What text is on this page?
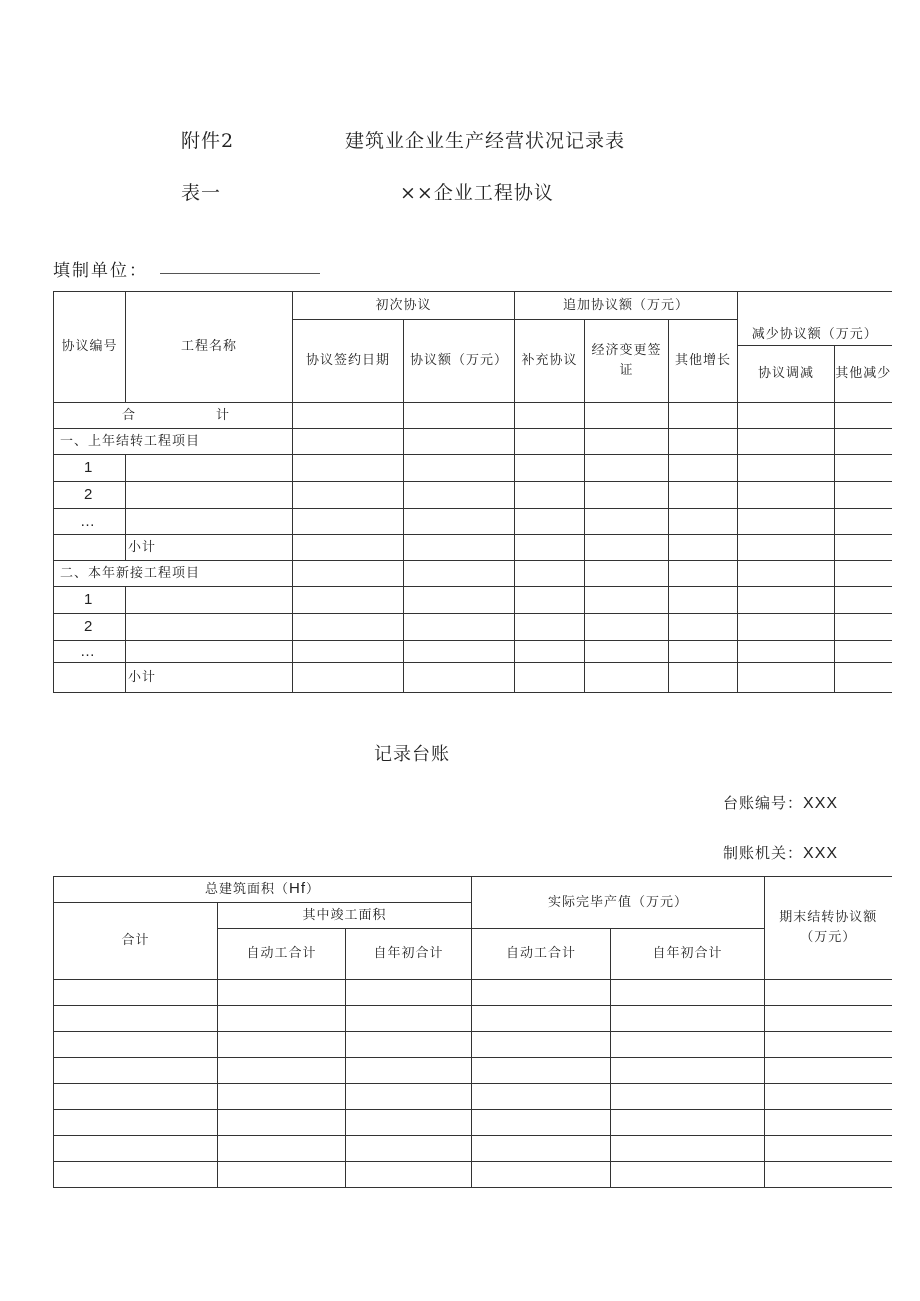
附件2	建筑业企业生产经营状况记录表
表一	××企业工程协议
填制单位：
协议编号	工程名称	初次协议		追加协议额（万元）			减少协议额（万元）	
		协议签约日期	协议额（万元）	补充协议	经济变更签证	其他增长		
							协议调减	其他减少
合 计								
一、上年结转工程项目								
1								
2								
…								
	小计							
二、本年新接工程项目								
1								
2								
…								
	小计							
记录台账
台账编号：XXX
制账机关：XXX
总建筑面积（Hf）			实际完毕产值（万元）		期末结转协议额（万元）
合计	其中竣工面积				
	自动工合计	自年初合计	自动工合计	自年初合计	
